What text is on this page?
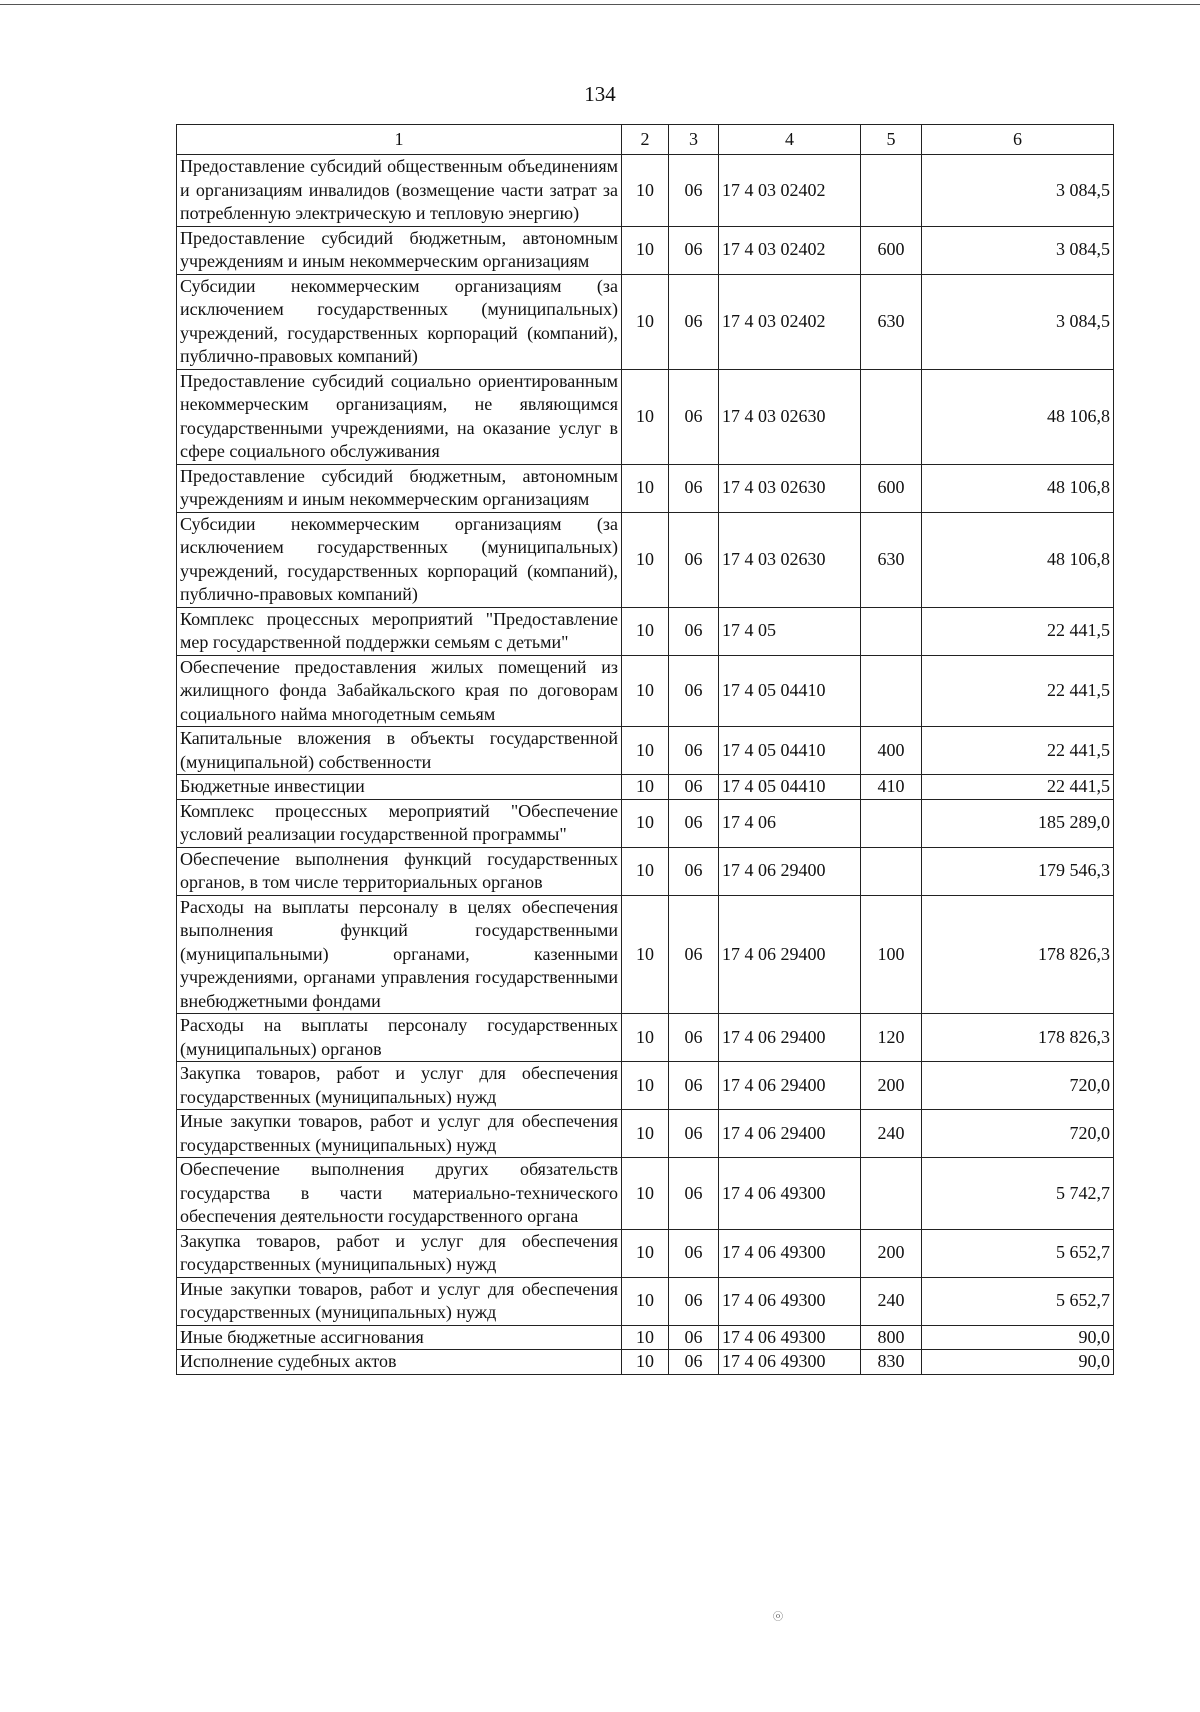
134
1	2	3	4	5	6
Предоставление субсидий общественным объединениям и организациям инвалидов (возмещение части затрат за потребленную электрическую и тепловую энергию)	10	06	17 4 03 02402		3 084,5
Предоставление субсидий бюджетным, автономным учреждениям и иным некоммерческим организациям	10	06	17 4 03 02402	600	3 084,5
Субсидии некоммерческим организациям (за исключением государственных (муниципальных) учреждений, государственных корпораций (компаний), публично-правовых компаний)	10	06	17 4 03 02402	630	3 084,5
Предоставление субсидий социально ориентированным некоммерческим организациям, не являющимся государственными учреждениями, на оказание услуг в сфере социального обслуживания	10	06	17 4 03 02630		48 106,8
Предоставление субсидий бюджетным, автономным учреждениям и иным некоммерческим организациям	10	06	17 4 03 02630	600	48 106,8
Субсидии некоммерческим организациям (за исключением государственных (муниципальных) учреждений, государственных корпораций (компаний), публично-правовых компаний)	10	06	17 4 03 02630	630	48 106,8
Комплекс процессных мероприятий "Предоставление мер государственной поддержки семьям с детьми"	10	06	17 4 05		22 441,5
Обеспечение предоставления жилых помещений из жилищного фонда Забайкальского края по договорам социального найма многодетным семьям	10	06	17 4 05 04410		22 441,5
Капитальные вложения в объекты государственной (муниципальной) собственности	10	06	17 4 05 04410	400	22 441,5
Бюджетные инвестиции	10	06	17 4 05 04410	410	22 441,5
Комплекс процессных мероприятий "Обеспечение условий реализации государственной программы"	10	06	17 4 06		185 289,0
Обеспечение выполнения функций государственных органов, в том числе территориальных органов	10	06	17 4 06 29400		179 546,3
Расходы на выплаты персоналу в целях обеспечения выполнения функций государственными (муниципальными) органами, казенными учреждениями, органами управления государственными внебюджетными фондами	10	06	17 4 06 29400	100	178 826,3
Расходы на выплаты персоналу государственных (муниципальных) органов	10	06	17 4 06 29400	120	178 826,3
Закупка товаров, работ и услуг для обеспечения государственных (муниципальных) нужд	10	06	17 4 06 29400	200	720,0
Иные закупки товаров, работ и услуг для обеспечения государственных (муниципальных) нужд	10	06	17 4 06 29400	240	720,0
Обеспечение выполнения других обязательств государства в части материально-технического обеспечения деятельности государственного органа	10	06	17 4 06 49300		5 742,7
Закупка товаров, работ и услуг для обеспечения государственных (муниципальных) нужд	10	06	17 4 06 49300	200	5 652,7
Иные закупки товаров, работ и услуг для обеспечения государственных (муниципальных) нужд	10	06	17 4 06 49300	240	5 652,7
Иные бюджетные ассигнования	10	06	17 4 06 49300	800	90,0
Исполнение судебных актов	10	06	17 4 06 49300	830	90,0
ⓞ
